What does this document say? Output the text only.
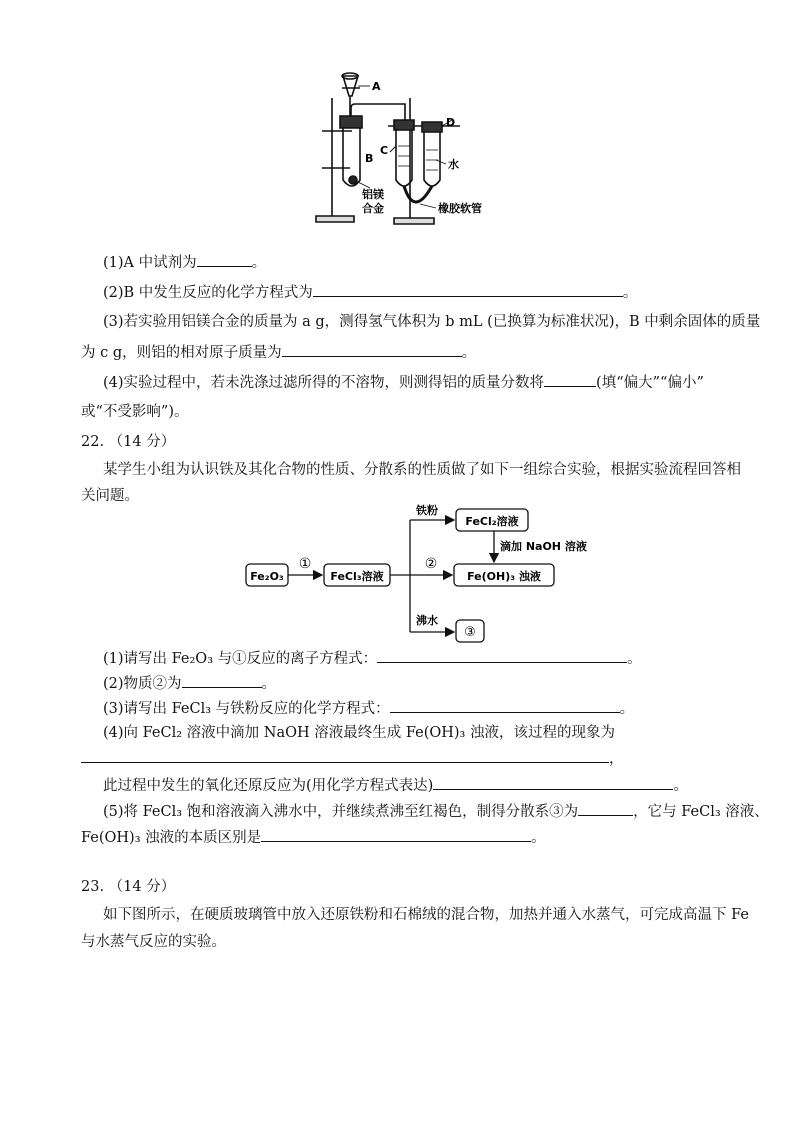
A
B
C
D
水
铝镁
合金	橡胶软管
(1)A 中试剂为	。
(2)B 中发生反应的化学方程式为	。
(3)若实验用铝镁合金的质量为 a g，测得氢气体积为 b mL (已换算为标准状况)，B 中剩余固体的质量
为 c g，则铝的相对原子质量为	。
(4)实验过程中，若未洗涤过滤所得的不溶物，则测得铝的质量分数将	(填“偏大”“偏小”
或“不受影响”)。
22. （14 分）
某学生小组为认识铁及其化合物的性质、分散系的性质做了如下一组综合实验，根据实验流程回答相
关问题。
Fe₂O₃	FeCl₃溶液
FeCl₂溶液
Fe(OH)₃ 浊液
③
①	②
铁粉
滴加 NaOH 溶液
沸水
(1)请写出 Fe₂O₃ 与①反应的离子方程式：	。
(2)物质②为	。
(3)请写出 FeCl₃ 与铁粉反应的化学方程式：	。
(4)向 FeCl₂ 溶液中滴加 NaOH 溶液最终生成 Fe(OH)₃ 浊液，该过程的现象为
，
此过程中发生的氧化还原反应为(用化学方程式表达)	。
(5)将 FeCl₃ 饱和溶液滴入沸水中，并继续煮沸至红褐色，制得分散系③为	，它与 FeCl₃ 溶液、
Fe(OH)₃ 浊液的本质区别是	。
23. （14 分）
如下图所示，在硬质玻璃管中放入还原铁粉和石棉绒的混合物，加热并通入水蒸气，可完成高温下 Fe
与水蒸气反应的实验。
